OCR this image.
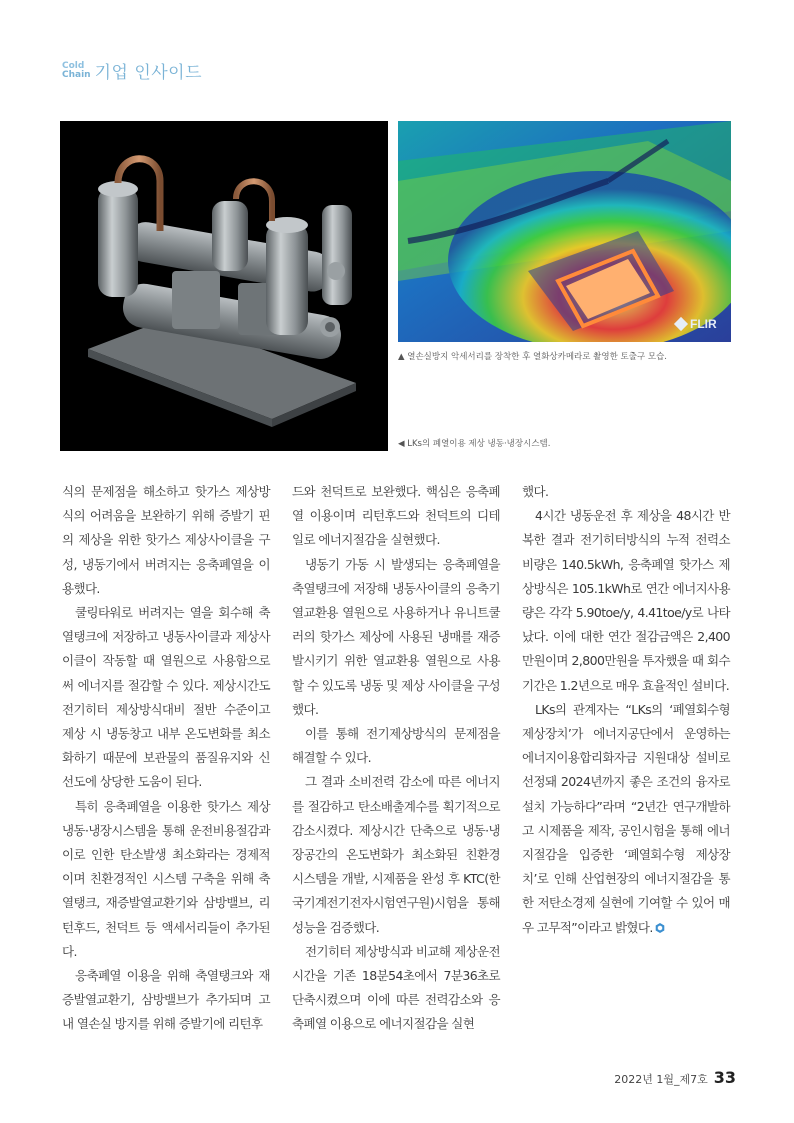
Cold
Chain 기업 인사이드
FLIR
▲ 열손실방지 악세서리를 장착한 후 열화상카메라로 촬영한 토출구 모습.
◀ LKs의 폐열이용 제상 냉동·냉장시스템.

식의 문제점을 해소하고 핫가스 제상방식의 어려움을 보완하기 위해 증발기 핀의 제상을 위한 핫가스 제상사이클을 구성, 냉동기에서 버려지는 응축폐열을 이용했다.

쿨링타워로 버려지는 열을 회수해 축열탱크에 저장하고 냉동사이클과 제상사이클이 작동할 때 열원으로 사용함으로써 에너지를 절감할 수 있다. 제상시간도 전기히터 제상방식대비 절반 수준이고 제상 시 냉동창고 내부 온도변화를 최소화하기 때문에 보관물의 품질유지와 신선도에 상당한 도움이 된다.

특히 응축폐열을 이용한 핫가스 제상 냉동·냉장시스템을 통해 운전비용절감과 이로 인한 탄소발생 최소화라는 경제적이며 친환경적인 시스템 구축을 위해 축열탱크, 재증발열교환기와 삼방밸브, 리턴후드, 천덕트 등 액세서리들이 추가된다.

응축폐열 이용을 위해 축열탱크와 재증발열교환기, 삼방밸브가 추가되며 고내 열손실 방지를 위해 증발기에 리턴후

드와 천덕트로 보완했다. 핵심은 응축폐열 이용이며 리턴후드와 천덕트의 디테일로 에너지절감을 실현했다.

냉동기 가동 시 발생되는 응축폐열을 축열탱크에 저장해 냉동사이클의 응축기 열교환용 열원으로 사용하거나 유니트쿨러의 핫가스 제상에 사용된 냉매를 재증발시키기 위한 열교환용 열원으로 사용할 수 있도록 냉동 및 제상 사이클을 구성했다.

이를 통해 전기제상방식의 문제점을 해결할 수 있다.

그 결과 소비전력 감소에 따른 에너지를 절감하고 탄소배출계수를 획기적으로 감소시켰다. 제상시간 단축으로 냉동·냉장공간의 온도변화가 최소화된 친환경 시스템을 개발, 시제품을 완성 후 KTC(한국기계전기전자시험연구원)시험을 통해 성능을 검증했다.

전기히터 제상방식과 비교해 제상운전시간을 기존 18분54초에서 7분36초로 단축시켰으며 이에 따른 전력감소와 응축폐열 이용으로 에너지절감을 실현

했다.

4시간 냉동운전 후 제상을 48시간 반복한 결과 전기히터방식의 누적 전력소비량은 140.5kWh, 응축폐열 핫가스 제상방식은 105.1kWh로 연간 에너지사용량은 각각 5.90toe/y, 4.41toe/y로 나타났다. 이에 대한 연간 절감금액은 2,400만원이며 2,800만원을 투자했을 때 회수기간은 1.2년으로 매우 효율적인 설비다.

LKs의 관계자는 “LKs의 ‘폐열회수형 제상장치’가 에너지공단에서 운영하는 에너지이용합리화자금 지원대상 설비로 선정돼 2024년까지 좋은 조건의 융자로 설치 가능하다”라며 “2년간 연구개발하고 시제품을 제작, 공인시험을 통해 에너지절감을 입증한 ‘폐열회수형 제상장치’로 인해 산업현장의 에너지절감을 통한 저탄소경제 실현에 기여할 수 있어 매우 고무적”이라고 밝혔다.

2022년 1월_제7호 33
